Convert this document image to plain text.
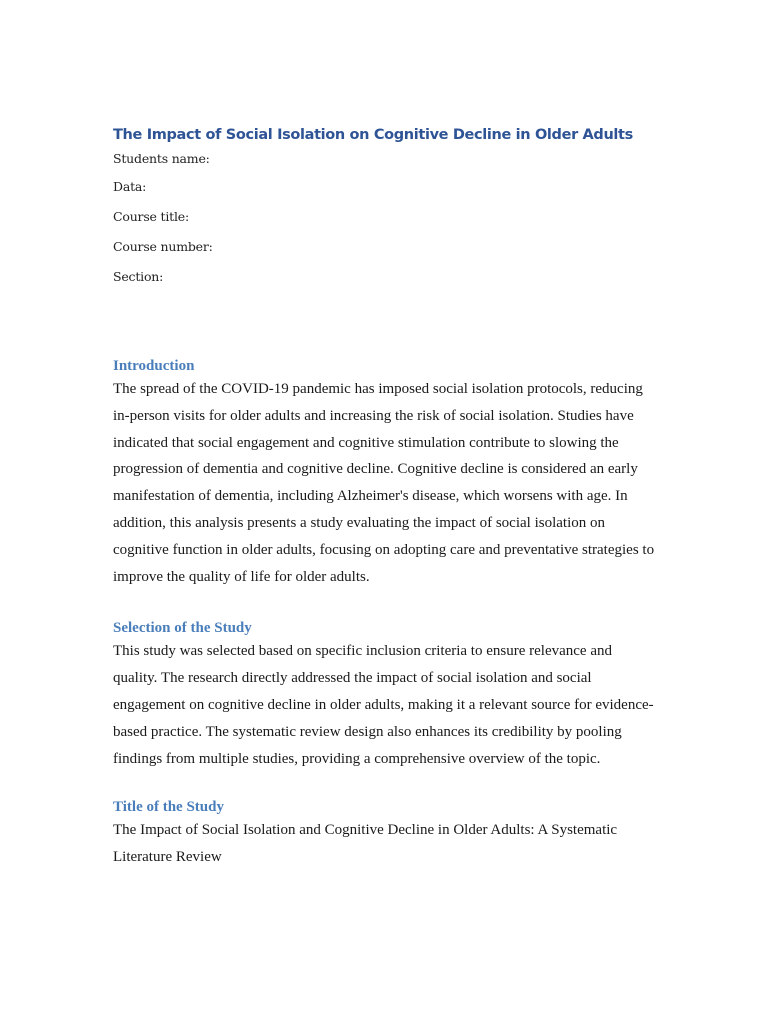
The Impact of Social Isolation on Cognitive Decline in Older Adults
Students name:
Data:
Course title:
Course number:
Section:
Introduction

The spread of the COVID-19 pandemic has imposed social isolation protocols, reducing in-person visits for older adults and increasing the risk of social isolation. Studies have indicated that social engagement and cognitive stimulation contribute to slowing the progression of dementia and cognitive decline. Cognitive decline is considered an early manifestation of dementia, including Alzheimer's disease, which worsens with age. In addition, this analysis presents a study evaluating the impact of social isolation on cognitive function in older adults, focusing on adopting care and preventative strategies to improve the quality of life for older adults.

Selection of the Study

This study was selected based on specific inclusion criteria to ensure relevance and quality. The research directly addressed the impact of social isolation and social engagement on cognitive decline in older adults, making it a relevant source for evidence-based practice. The systematic review design also enhances its credibility by pooling findings from multiple studies, providing a comprehensive overview of the topic.

Title of the Study

The Impact of Social Isolation and Cognitive Decline in Older Adults: A Systematic Literature Review
